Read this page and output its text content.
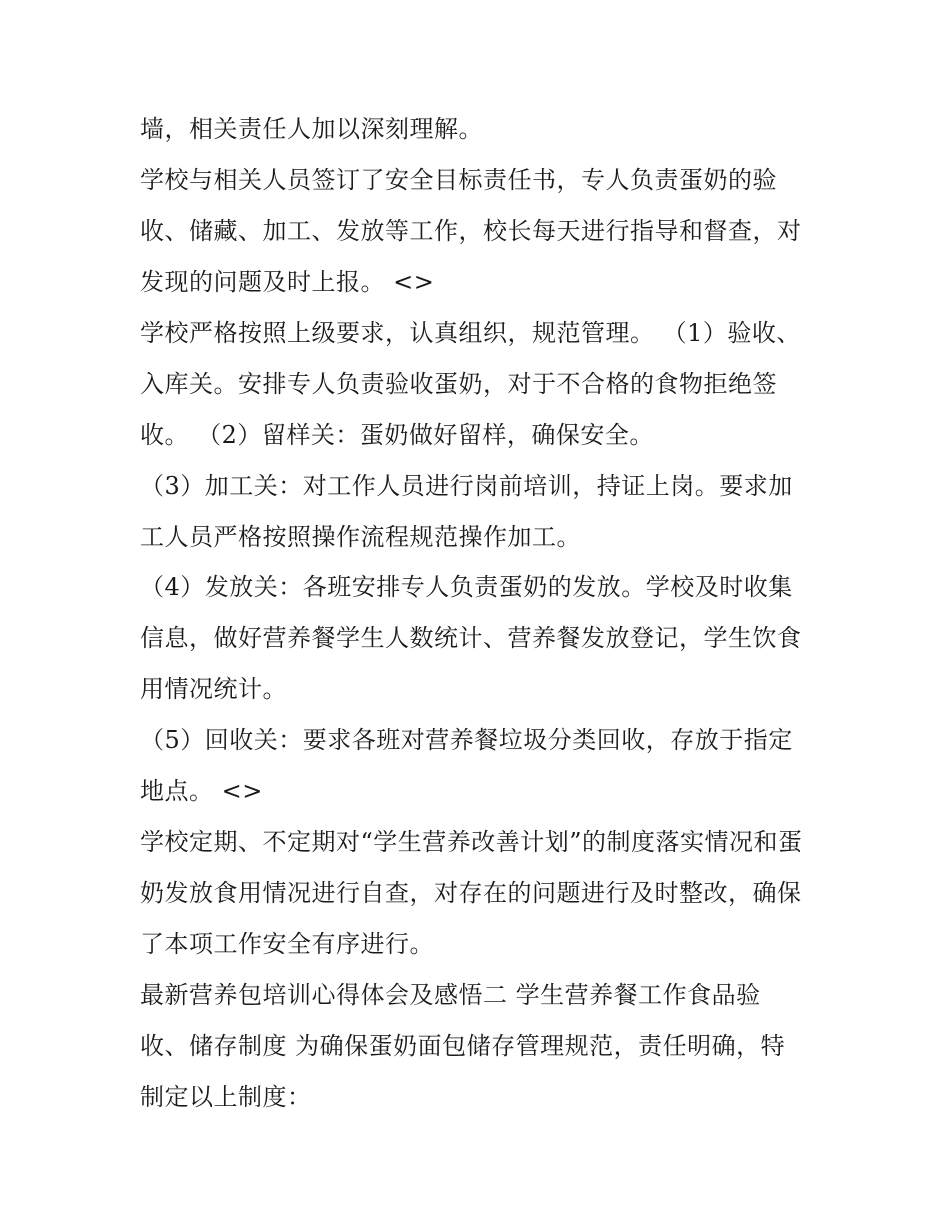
墙，相关责任人加以深刻理解。
学校与相关人员签订了安全目标责任书，专人负责蛋奶的验
收、储藏、加工、发放等工作，校长每天进行指导和督查，对
发现的问题及时上报。 <>
学校严格按照上级要求，认真组织，规范管理。 （1）验收、
入库关。安排专人负责验收蛋奶，对于不合格的食物拒绝签
收。 （2）留样关：蛋奶做好留样，确保安全。
（3）加工关：对工作人员进行岗前培训，持证上岗。要求加
工人员严格按照操作流程规范操作加工。
（4）发放关：各班安排专人负责蛋奶的发放。学校及时收集
信息，做好营养餐学生人数统计、营养餐发放登记，学生饮食
用情况统计。
（5）回收关：要求各班对营养餐垃圾分类回收，存放于指定
地点。 <>
学校定期、不定期对“学生营养改善计划”的制度落实情况和蛋
奶发放食用情况进行自查，对存在的问题进行及时整改，确保
了本项工作安全有序进行。
最新营养包培训心得体会及感悟二 学生营养餐工作食品验
收、储存制度 为确保蛋奶面包储存管理规范，责任明确，特
制定以上制度：
